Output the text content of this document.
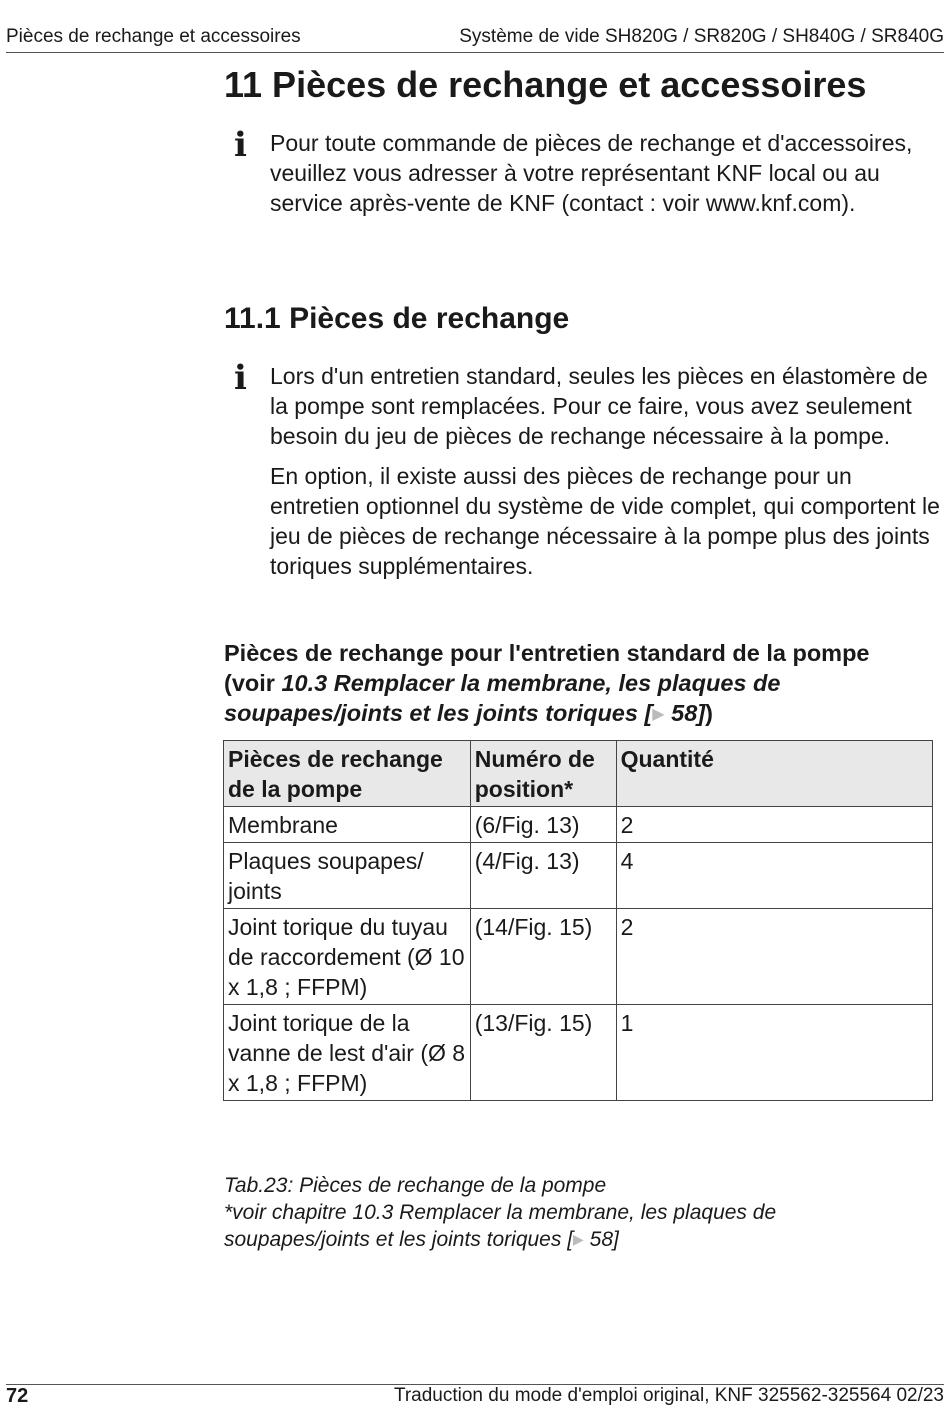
Pièces de rechange et accessoires	Système de vide SH820G / SR820G / SH840G / SR840G
11 Pièces de rechange et accessoires
i	Pour toute commande de pièces de rechange et d'accessoires, veuillez vous adresser à votre représentant KNF local ou au service après-vente de KNF (contact : voir www.knf.com).

11.1 Pièces de rechange
i	Lors d'un entretien standard, seules les pièces en élastomère de la pompe sont remplacées. Pour ce faire, vous avez seulement besoin du jeu de pièces de rechange nécessaire à la pompe.

En option, il existe aussi des pièces de rechange pour un entretien optionnel du système de vide complet, qui comportent le jeu de pièces de rechange nécessaire à la pompe plus des joints toriques supplémentaires.

Pièces de rechange pour l'entretien standard de la pompe
(voir 10.3 Remplacer la membrane, les plaques de soupapes/joints et les joints toriques [▶ 58])
Pièces de rechange de la pompe	Numéro de position*	Quantité
Membrane	(6/Fig. 13)	2
Plaques soupapes/ joints	(4/Fig. 13)	4
Joint torique du tuyau de raccordement (Ø 10 x 1,8 ; FFPM)	(14/Fig. 15)	2
Joint torique de la vanne de lest d'air (Ø 8 x 1,8 ; FFPM)	(13/Fig. 15)	1
Tab.23: Pièces de rechange de la pompe
*voir chapitre 10.3 Remplacer la membrane, les plaques de soupapes/joints et les joints toriques [▶ 58]
72	Traduction du mode d'emploi original, KNF 325562-325564 02/23
